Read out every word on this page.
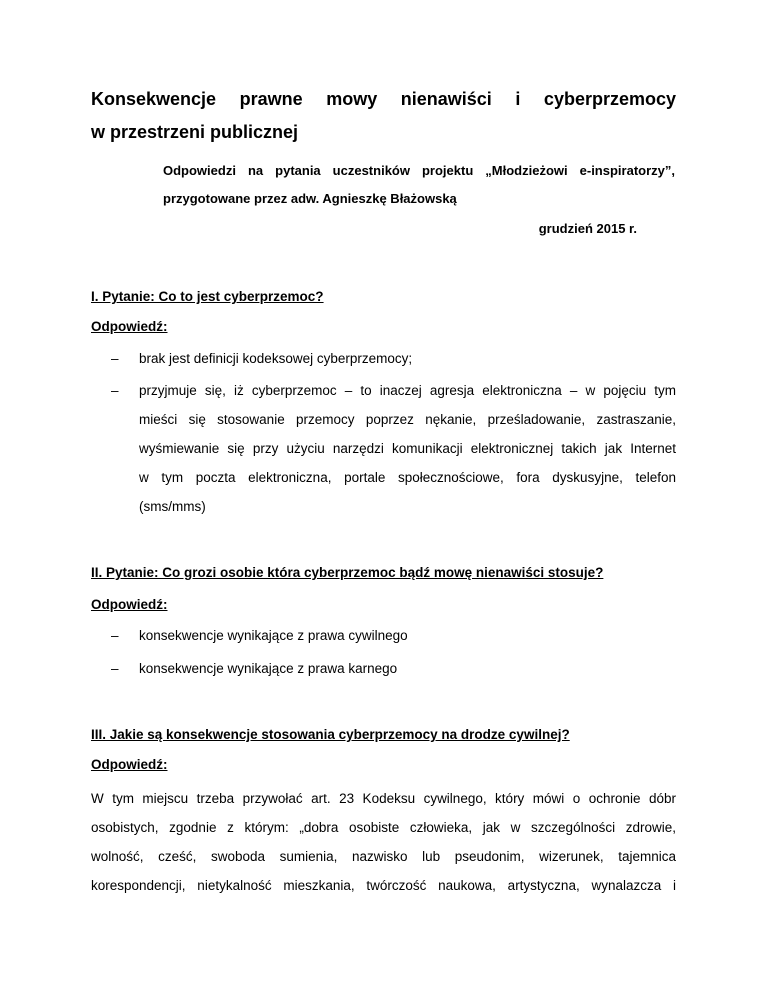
Konsekwencje prawne mowy nienawiści i cyberprzemocy
w przestrzeni publicznej
Odpowiedzi na pytania uczestników projektu „Młodzieżowi e-inspiratorzy”,
przygotowane przez adw. Agnieszkę Błażowską
grudzień 2015 r.
I. Pytanie: Co to jest cyberprzemoc?
Odpowiedź:
– brak jest definicji kodeksowej cyberprzemocy;
– przyjmuje się, iż cyberprzemoc – to inaczej agresja elektroniczna – w pojęciu tym
mieści się stosowanie przemocy poprzez nękanie, prześladowanie, zastraszanie,
wyśmiewanie się przy użyciu narzędzi komunikacji elektronicznej takich jak Internet
w tym poczta elektroniczna, portale społecznościowe, fora dyskusyjne, telefon
(sms/mms)
II. Pytanie: Co grozi osobie która cyberprzemoc bądź mowę nienawiści stosuje?
Odpowiedź:
– konsekwencje wynikające z prawa cywilnego
– konsekwencje wynikające z prawa karnego
III. Jakie są konsekwencje stosowania cyberprzemocy na drodze cywilnej?
Odpowiedź:
W tym miejscu trzeba przywołać art. 23 Kodeksu cywilnego, który mówi o ochronie dóbr
osobistych, zgodnie z którym: „dobra osobiste człowieka, jak w szczególności zdrowie,
wolność, cześć, swoboda sumienia, nazwisko lub pseudonim, wizerunek, tajemnica
korespondencji, nietykalność mieszkania, twórczość naukowa, artystyczna, wynalazcza i
